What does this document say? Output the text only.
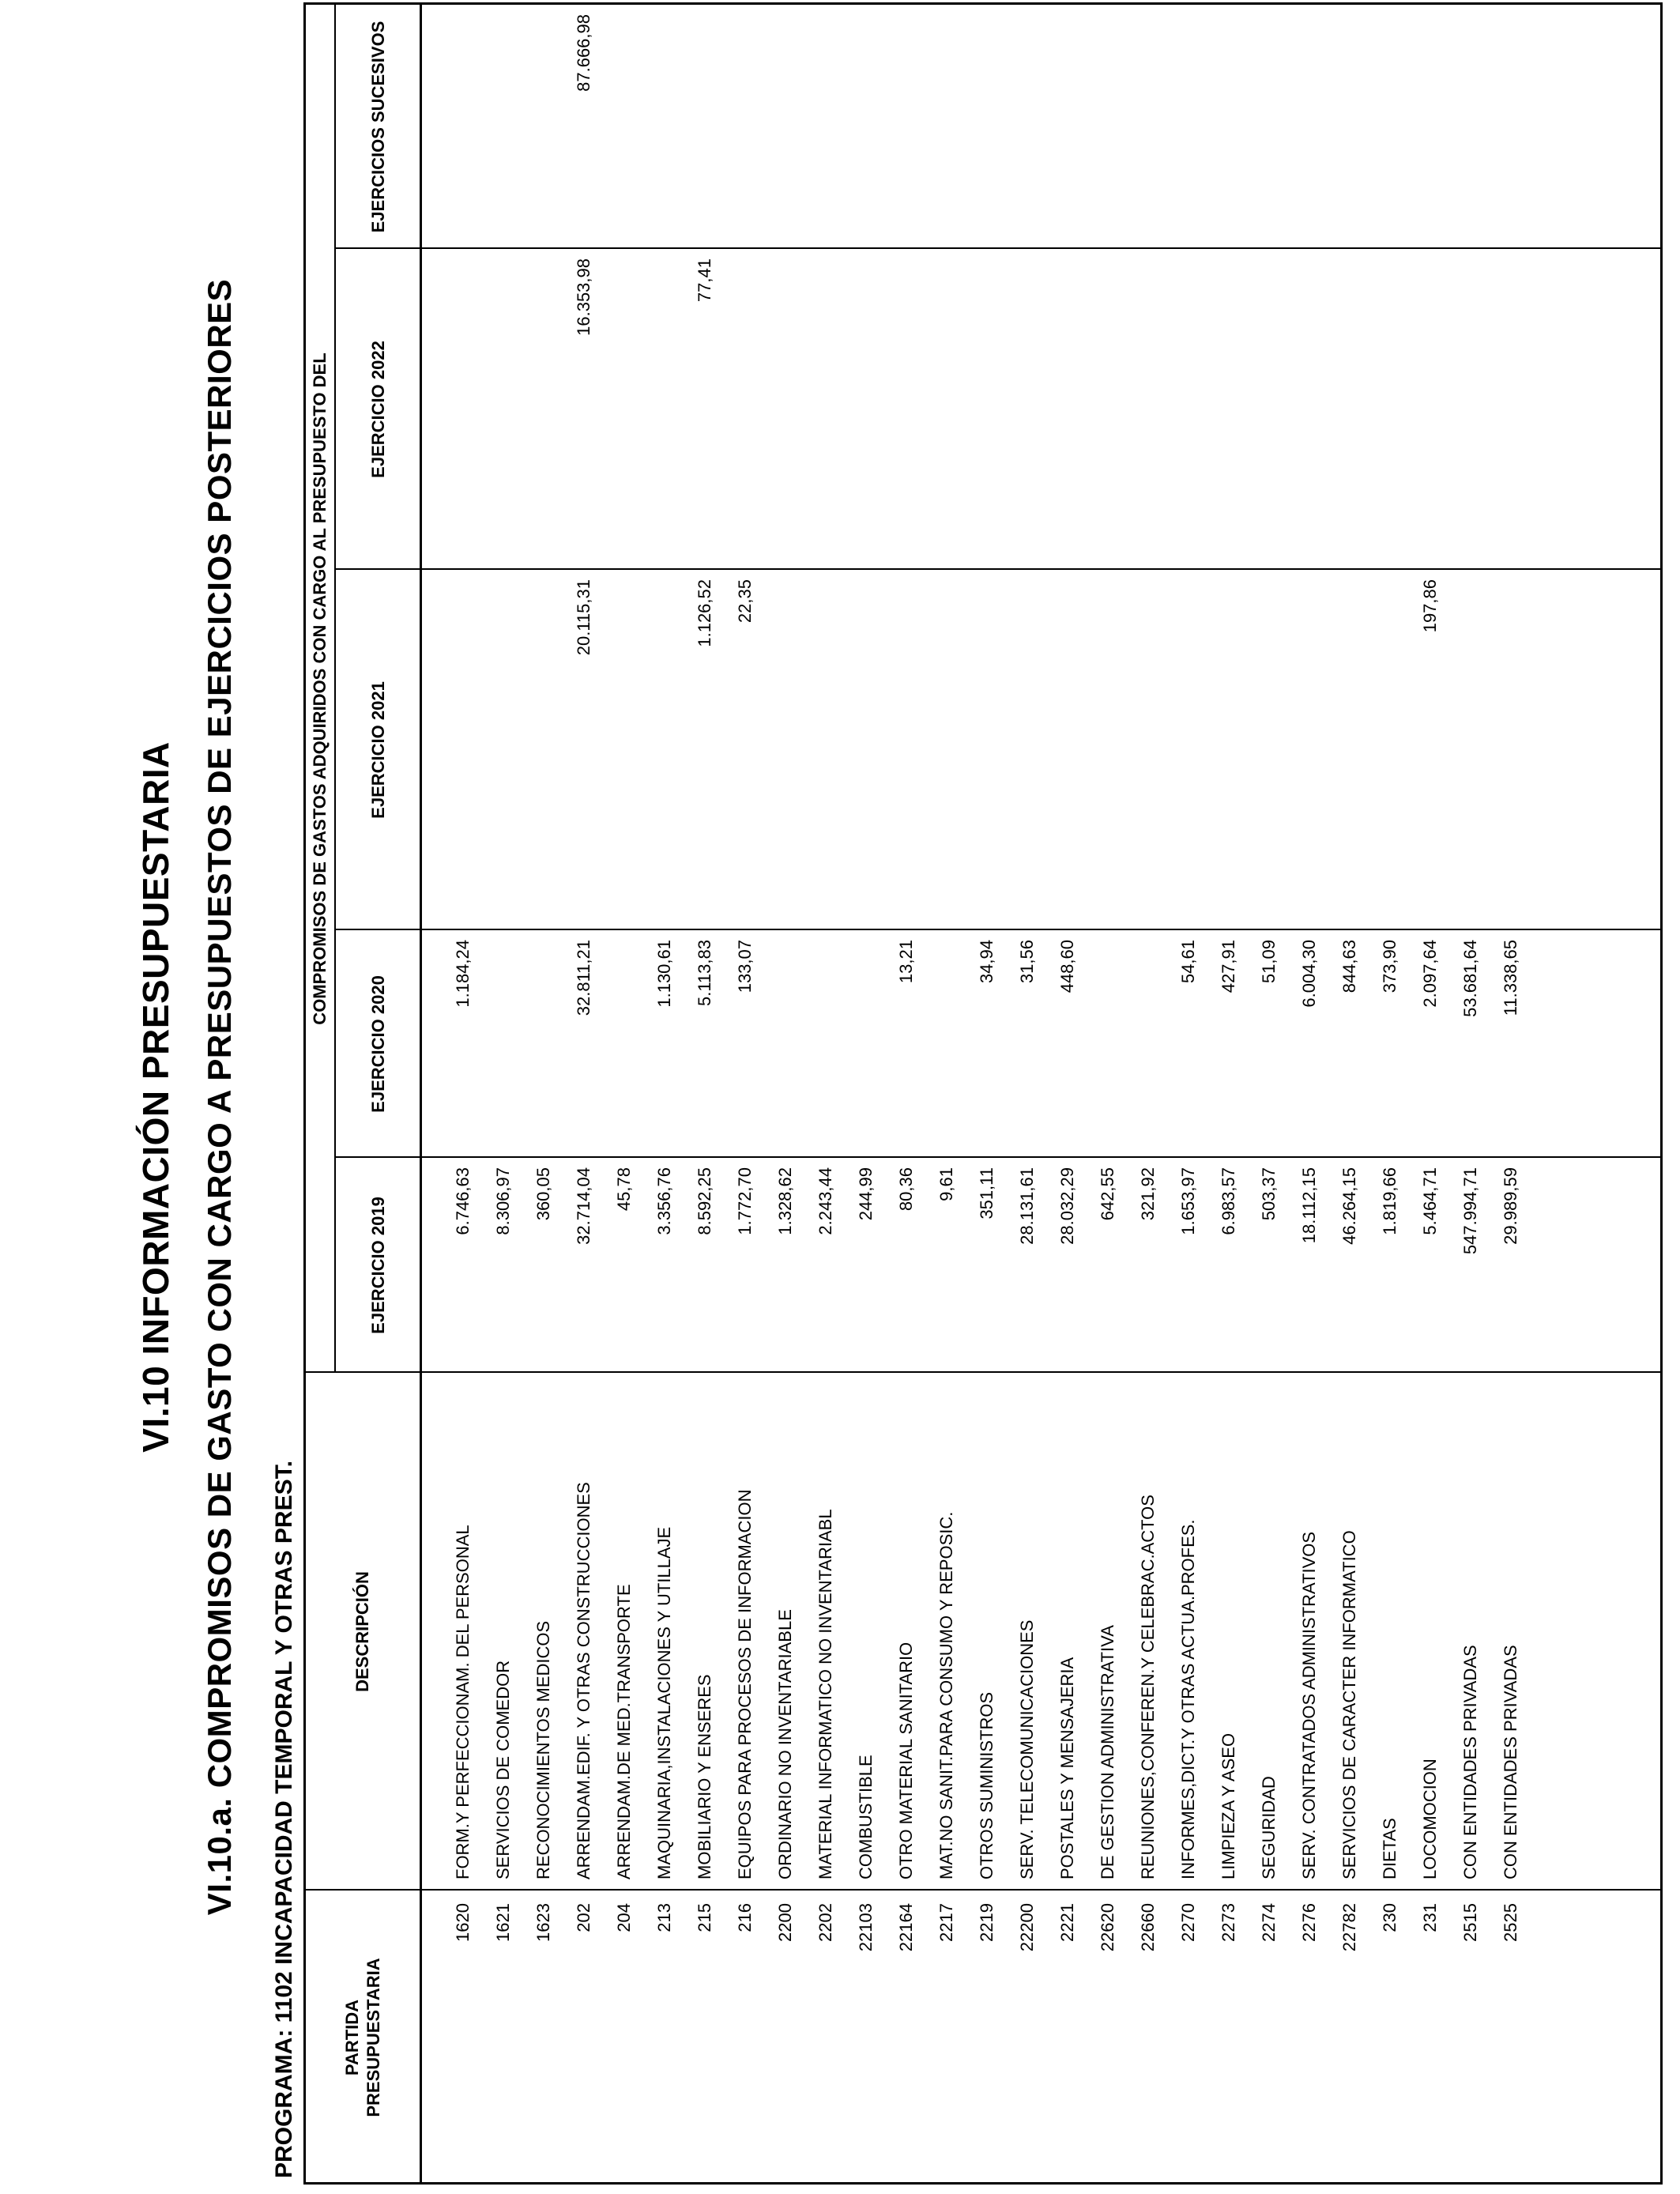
VI.10 INFORMACIÓN PRESUPUESTARIA VI.10.a. COMPROMISOS DE GASTO CON CARGO A PRESUPUESTOS DE EJERCICIOS POSTERIORES PROGRAMA: 1102 INCAPACIDAD TEMPORAL Y OTRAS PREST.	PARTIDA PRESUPUESTARIA
DESCRIPCIÓN
COMPROMISOS DE GASTOS ADQUIRIDOS CON CARGO AL PRESUPUESTO DEL
EJERCICIO 2019
EJERCICIO 2020
EJERCICIO 2021
EJERCICIO 2022
EJERCICIOS SUCESIVOS
1620
FORM.Y PERFECCIONAM. DEL PERSONAL
6.746,63
1.184,24
1621
SERVICIOS DE COMEDOR
8.306,97
1623
RECONOCIMIENTOS MEDICOS
360,05
202
ARRENDAM.EDIF. Y OTRAS CONSTRUCCIONES
32.714,04
32.811,21
20.115,31
16.353,98
87.666,98
204
ARRENDAM.DE MED.TRANSPORTE
45,78
213
MAQUINARIA,INSTALACIONES Y UTILLAJE
3.356,76
1.130,61
215
MOBILIARIO Y ENSERES
8.592,25
5.113,83
1.126,52
77,41
216
EQUIPOS PARA PROCESOS DE INFORMACION
1.772,70
133,07
22,35
2200
ORDINARIO NO INVENTARIABLE
1.328,62
2202
MATERIAL INFORMATICO NO INVENTARIABL
2.243,44
22103
COMBUSTIBLE
244,99
22164
OTRO MATERIAL SANITARIO
80,36
13,21
2217
MAT.NO SANIT.PARA CONSUMO Y REPOSIC.
9,61
2219
OTROS SUMINISTROS
351,11
34,94
22200
SERV. TELECOMUNICACIONES
28.131,61
31,56
2221
POSTALES Y MENSAJERIA
28.032,29
448,60
22620
DE GESTION ADMINISTRATIVA
642,55
22660
REUNIONES,CONFEREN.Y CELEBRAC.ACTOS
321,92
2270
INFORMES,DICT.Y OTRAS ACTUA.PROFES.
1.653,97
54,61
2273
LIMPIEZA Y ASEO
6.983,57
427,91
2274
SEGURIDAD
503,37
51,09
2276
SERV. CONTRATADOS ADMINISTRATIVOS
18.112,15
6.004,30
22782
SERVICIOS DE CARACTER INFORMATICO
46.264,15
844,63
230
DIETAS
1.819,66
373,90
231
LOCOMOCION
5.464,71
2.097,64
197,86
2515
CON ENTIDADES PRIVADAS
547.994,71
53.681,64
2525
CON ENTIDADES PRIVADAS
29.989,59
11.338,65
